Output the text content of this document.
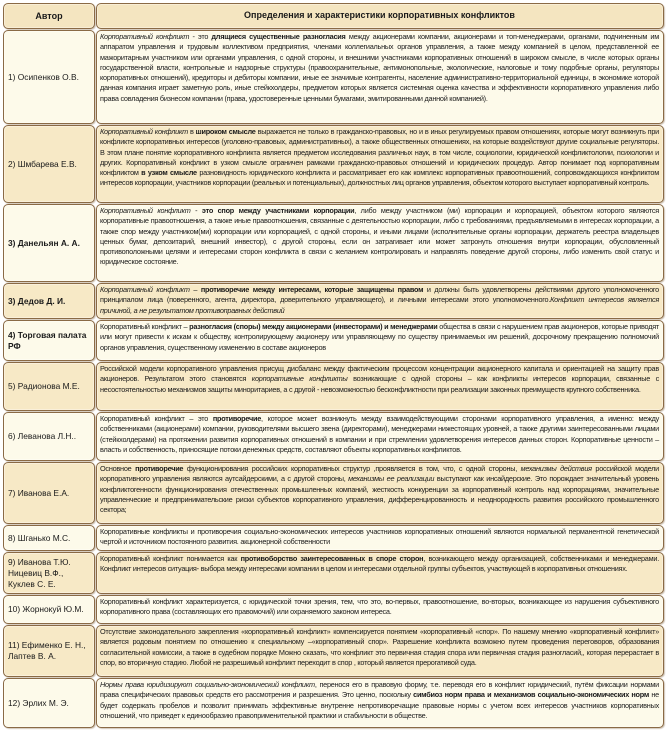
Автор	Определения и характеристики корпоративных конфликтов
1) Осипенков О.В.
Корпоративный конфликт - это длящиеся существенные разногласия между акционерами компании, акционерами и топ-менеджерами, органами, подчиненным им аппаратом управления и трудовым коллективом предприятия, членами коллегиальных органов управления, а также между компанией в целом, представленной ее мажоритарным участником или органами управления, с одной стороны, и внешними участниками корпоративных отношений в широком смысле, в числе которых органы государственной власти, контрольные и надзорные структуры (правоохранительные, антимонопольные, экологические, налоговые и тому подобные органы, регуляторы корпоративных отношений), кредиторы и дебиторы компании, иные ее значимые контрагенты, население административно-территориальной единицы, в экономике которой данная компания играет заметную роль, иные стейкхолдеры, предметом которых является системная оценка качества и эффективности корпоративного управления либо права совладения бизнесом компании (права, удостоверенные ценными бумагами, эмитированными данной компанией).
2) Шмбарева Е.В.
Корпоративный конфликт в широком смысле выражается не только в гражданско-правовых, но и в иных регулируемых правом отношениях, которые могут возникнуть при конфликте корпоративных интересов (уголовно-правовых, административных), а также общественных отношениях, на которые воздействуют другие социальные регуляторы. В этом плане понятие корпоративного конфликта является предметом исследования различных наук, в том числе, социологии, юридической конфликтологии, психологии и других. Корпоративный конфликт в узком смысле ограничен рамками гражданско-правовых отношений и юридических процедур. Автор понимает под корпоративным конфликтом в узком смысле разновидность юридического конфликта и рассматривает его как комплекс корпоративных правоотношений, сопровождающихся конфликтом интересов корпорации, участников корпорации (реальных и потенциальных), должностных лиц органов управления, объектом которого выступает корпоративный контроль.
3) Данельян А. А.
Корпоративный конфликт - это спор между участниками корпорации, либо между участником (ми) корпорации и корпорацией, объектом которого являются корпоративные правоотношения, а также иные правоотношения, связанные с деятельностью корпорации, либо с требованиями, предъявляемыми в интересах корпорации, а также спор между участником(ми) корпорации или корпорацией, с одной стороны, и иными лицами (исполнительные органы корпорации, держатель реестра владельцев ценных бумаг, депозитарий, внешний инвестор), с другой стороны, если он затрагивает или может затронуть отношения внутри корпорации, обусловленный противоположными целями и интересами сторон конфликта в связи с желанием контролировать и направлять поведение другой стороны, либо изменить свой статус и юридическое состояние.
3) Дедов Д. И.
Корпоративный конфликт – противоречие между интересами, которые защищены правом и должны быть удовлетворены действиями другого уполномоченного принципалом лица (поверенного, агента, директора, доверительного управляющего), и личными интересами этого уполномоченного.Конфликт интересов является причиной, а не результатом противоправных действий
4) Торговая палата РФ
Корпоративный конфликт – разногласия (споры) между акционерами (инвесторами) и менеджерами общества в связи с нарушением прав акционеров, которые приводят или могут привести к искам к обществу, контролирующему акционеру или управляющему по существу принимаемых им решений, досрочному прекращению полномочий органов управления, существенному изменению в составе акционеров
5) Радионова М.Е.
Российской модели корпоративного управления присущ дисбаланс между фактическим процессом концентрации акционерного капитала и ориентацией на защиту прав акционеров. Результатом этого становятся корпоративные конфликты возникающие с одной стороны – как конфликты интересов корпорации, связанные с несостоятельностью механизмов защиты миноритариев, а с другой - невозможностью бесконфликтности при реализации законных преимуществ крупного собственника.
6) Леванова Л.Н..
Корпоративный конфликт – это противоречие, которое может возникнуть между взаимодействующими сторонами корпоративного управления, а именно: между собственниками (акционерами) компании, руководителями высшего звена (директорами), менеджерами нижестоящих уровней, а также другими заинтересованными лицами (стейкхолдерами) на протяжении развития корпоративных отношений в компании и при стремлении удовлетворения интересов данных сторон. Корпоративные ценности – власть и собственность, приносящие потоки денежных средств, составляют объекты корпоративных конфликтов.
7) Иванова Е.А.
Основное противоречие функционирования российских корпоративных структур ,проявляется в том, что, с одной стороны, механизмы действия российской модели корпоративного управления являются аутсайдерскими, а с другой стороны, механизмы ее реализации выступают как инсайдерские. Это порождает значительный уровень конфликтогенности функционирования отечественных промышленных компаний, жесткость конкуренции за корпоративный контроль над корпорациями, значительные управленческие и предпринимательские риски субъектов корпоративного управления, дифференцированность и неоднородность развития российского промышленного сектора;
8) Шганько М.С.
Корпоративные конфликты и противоречия социально-экономических интересов участников корпоративных отношений являются нормальной перманентной генетической чертой и источником постоянного развития. акционерной собственности
9) Иванова Т.Ю. Ницевиц В.Ф., Куклев С. Е.
Корпоративный конфликт понимается как противоборство заинтересованных в споре сторон, возникающего между организацией, собственниками и менеджерами. Конфликт интересов ситуация- выбора между интересами компании в целом и интересами отдельной группы субъектов, участвующей в корпоративных отношениях.
10) Жорнокуй Ю.М.
Корпоративный конфликт характеризуется, с юридической точки зрения, тем, что это, во-первых, правоотношение, во-вторых, возникающее из нарушения субъективного корпоративного права (составляющих его правомочий) или охраняемого законом интереса.
11) Ефименко Е. Н., Лаптев В. А.
Отсутствие законодательного закрепления «корпоративный конфликт» компенсируется понятием «корпоративный «спор». По нашему мнению «корпоративный конфликт» является родовым понятием по отношению к специальному –«корпоративный спор». Разрешение конфликта возможно путем проведения переговоров, образования согласительной комиссии, а также в судебном порядке Можно сказать, что конфликт это первичная стадия спора или первичная стадия разногласий,, которая перерастает в спор, во вторичную стадию. Любой не разрешимый конфликт переходит в спор , который является прерогативой суда.
12) Эрлих М. Э.
Нормы права юридизируют социально-экономический конфликт, перенося его в правовую форму, т.е. переводя его в конфликт юридический, путём фиксации нормами права специфических правовых средств его рассмотрения и разрешения. Это ценно, поскольку симбиоз норм права и механизмов социально-экономических норм не будет содержать пробелов и позволит принимать эффективные внутренне непротиворечащие правовые нормы с учетом всех интересов участников корпоративных отношений, что приведет к единообразию правоприменительной практики и стабильности в обществе.
